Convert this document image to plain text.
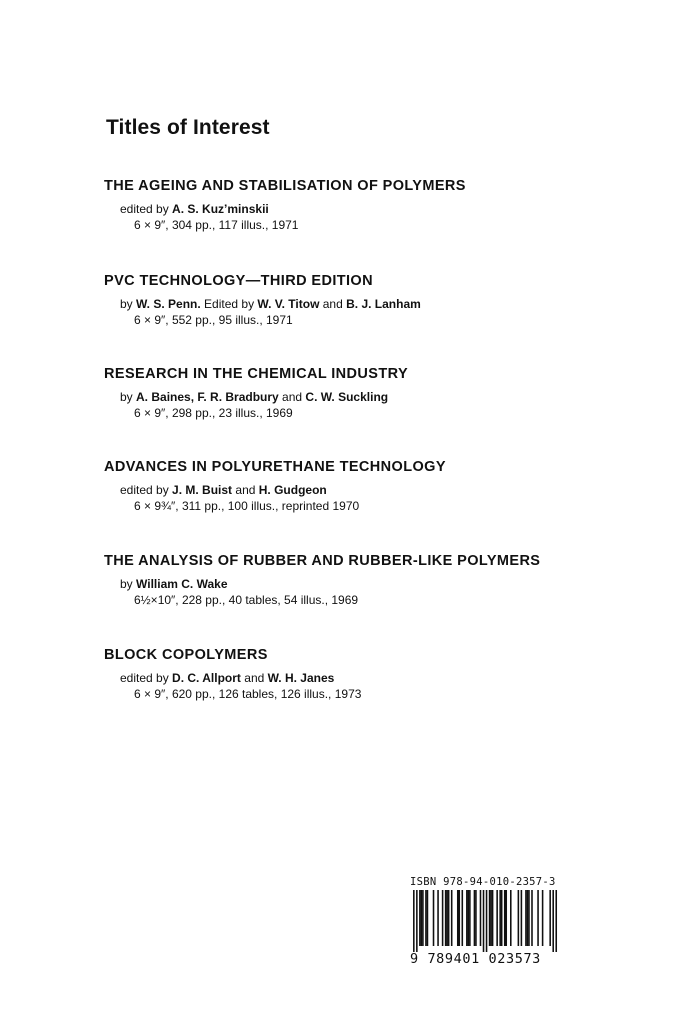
Titles of Interest
THE AGEING AND STABILISATION OF POLYMERS
edited by A. S. Kuz’minskii
6 × 9″, 304 pp., 117 illus., 1971
PVC TECHNOLOGY—THIRD EDITION
by W. S. Penn. Edited by W. V. Titow and B. J. Lanham
6 × 9″, 552 pp., 95 illus., 1971
RESEARCH IN THE CHEMICAL INDUSTRY
by A. Baines, F. R. Bradbury and C. W. Suckling
6 × 9″, 298 pp., 23 illus., 1969
ADVANCES IN POLYURETHANE TECHNOLOGY
edited by J. M. Buist and H. Gudgeon
6 × 9¾″, 311 pp., 100 illus., reprinted 1970
THE ANALYSIS OF RUBBER AND RUBBER-LIKE POLYMERS
by William C. Wake
6½×10″, 228 pp., 40 tables, 54 illus., 1969
BLOCK COPOLYMERS
edited by D. C. Allport and W. H. Janes
6 × 9″, 620 pp., 126 tables, 126 illus., 1973
ISBN 978-94-010-2357-3
9 789401 023573
